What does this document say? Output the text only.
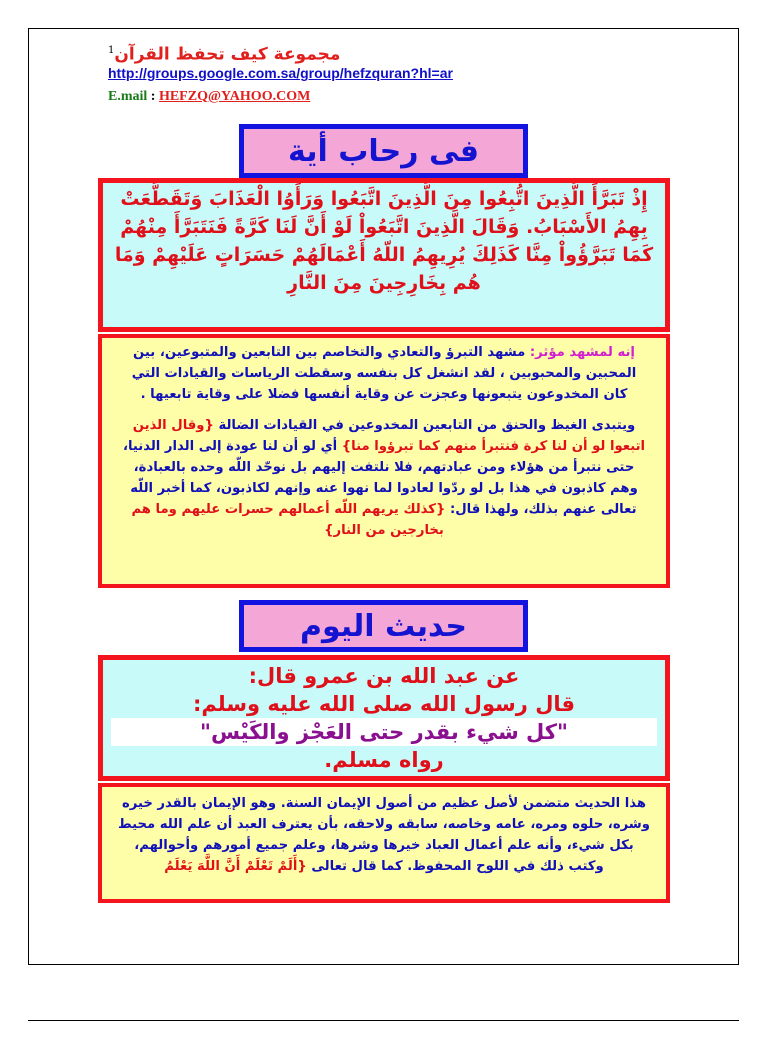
$^1$مجموعة كيف تحفظ القرآن
http://groups.google.com.sa/group/hefzquran?hl=ar
E.mail : HEFZQ@YAHOO.COM
فى رحاب أية
إِذْ تَبَرَّأَ الَّذِينَ اتُّبِعُوا مِنَ الَّذِينَ اتَّبَعُوا وَرَأَوُا الْعَذَابَ وَتَقَطَّعَتْ بِهِمُ الأَسْبَابُ. وَقَالَ الَّذِينَ اتَّبَعُواْ لَوْ أَنَّ لَنَا كَرَّةً فَنَتَبَرَّأَ مِنْهُمْ كَمَا تَبَرَّؤُواْ مِنَّا كَذَلِكَ يُرِيهِمُ اللّهُ أَعْمَالَهُمْ حَسَرَاتٍ عَلَيْهِمْ وَمَا هُم بِخَارِجِينَ مِنَ النَّارِ

إنه لمشهد مؤثر: مشهد التبرؤ والتعادي والتخاصم بين التابعين والمتبوعين، بين المحبين والمحبوبين ، لقد انشغل كل بنفسه وسقطت الرياسات والقيادات التي كان المخدوعون يتبعونها وعجزت عن وقاية أنفسها فضلا على وقاية تابعيها .

ويتبدى الغيظ والحنق من التابعين المخدوعين في القيادات الضالة {وقال الذين اتبعوا لو أن لنا كرة فنتبرأ منهم كما تبرؤوا منا} أي لو أن لنا عودة إلى الدار الدنيا، حتى نتبرأ من هؤلاء ومن عبادتهم، فلا نلتفت إليهم بل نوحّد اللّه وحده بالعبادة، وهم كاذبون في هذا بل لو ردّوا لعادوا لما نهوا عنه وإنهم لكاذبون، كما أخبر اللّه تعالى عنهم بذلك، ولهذا قال: {كذلك يريهم اللّه أعمالهم حسرات عليهم وما هم بخارجين من النار}

حديث اليوم
عن عبد الله بن عمرو قال:
قال رسول الله صلى الله عليه وسلم:
"كل شيء بقدر حتى العَجْز والكَيْس"
رواه مسلم.

هذا الحديث متضمن لأصل عظيم من أصول الإيمان السنة. وهو الإيمان بالقدر خيره وشره، حلوه ومره، عامه وخاصه، سابقه ولاحقه، بأن يعترف العبد أن علم الله محيط بكل شيء، وأنه علم أعمال العباد خيرها وشرها، وعلم جميع أمورهم وأحوالهم، وكتب ذلك في اللوح المحفوظ. كما قال تعالى {أَلَمْ تَعْلَمْ أَنَّ اللَّهَ يَعْلَمُ
